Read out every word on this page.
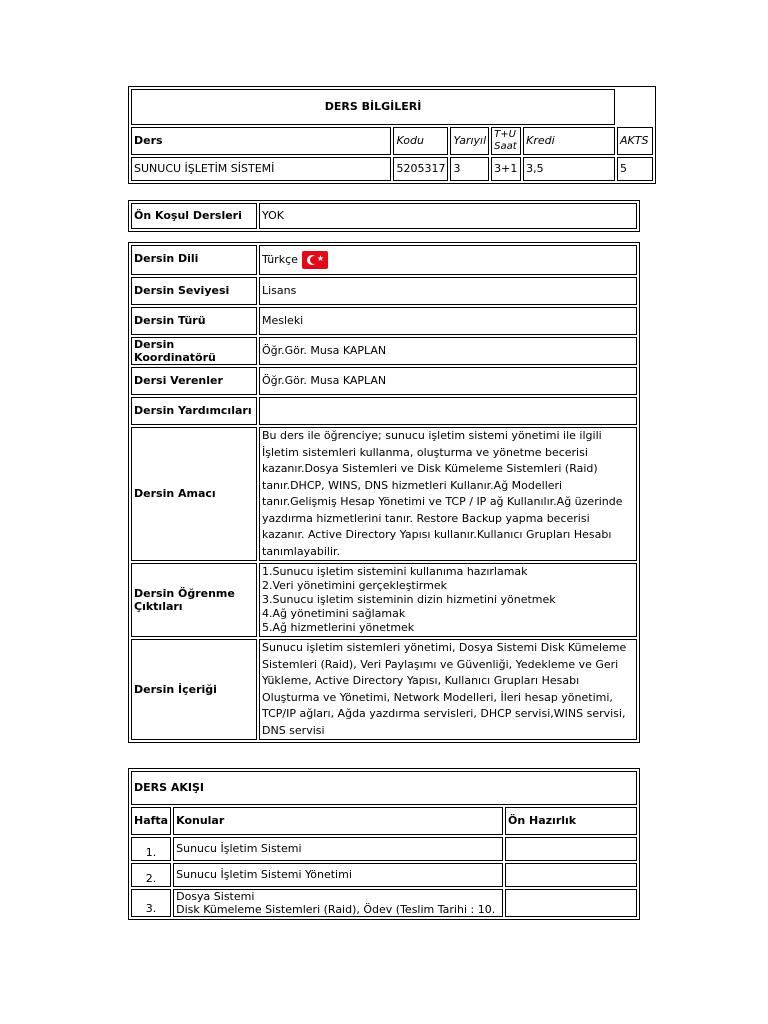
DERS BİLGİLERİ					
Ders	Kodu	Yarıyıl	T+U Saat	Kredi	AKTS
SUNUCU İŞLETİM SİSTEMİ	5205317	3	3+1	3,5	5
Ön Koşul Dersleri	YOK
Dersin Dili	Türkçe ★

Dersin Seviyesi	Lisans
Dersin Türü	Mesleki
Dersin Koordinatörü	Öğr.Gör. Musa KAPLAN
Dersi Verenler	Öğr.Gör. Musa KAPLAN
Dersin Yardımcıları	
Dersin Amacı	Bu ders ile öğrenciye; sunucu işletim sistemi yönetimi ile ilgili İşletim sistemleri kullanma, oluşturma ve yönetme becerisi kazanır.Dosya Sistemleri ve Disk Kümeleme Sistemleri (Raid) tanır.DHCP, WINS, DNS hizmetleri Kullanır.Ağ Modelleri tanır.Gelişmiş Hesap Yönetimi ve TCP / IP ağ Kullanılır.Ağ üzerinde yazdırma hizmetlerini tanır. Restore Backup yapma becerisi kazanır. Active Directory Yapısı kullanır.Kullanıcı Grupları Hesabı tanımlayabilir.
Dersin Öğrenme Çıktıları	1.Sunucu işletim sistemini kullanıma hazırlamak
2.Veri yönetimini gerçekleştirmek
3.Sunucu işletim sisteminin dizin hizmetini yönetmek
4.Ağ yönetimini sağlamak
5.Ağ hizmetlerini yönetmek

Dersin İçeriği	Sunucu işletim sistemleri yönetimi, Dosya Sistemi Disk Kümeleme Sistemleri (Raid), Veri Paylaşımı ve Güvenliği, Yedekleme ve Geri Yükleme, Active Directory Yapısı, Kullanıcı Grupları Hesabı Oluşturma ve Yönetimi, Network Modelleri, İleri hesap yönetimi, TCP/IP ağları, Ağda yazdırma servisleri, DHCP servisi,WINS servisi, DNS servisi
DERS AKIŞI		
Hafta	Konular	Ön Hazırlık
1.	Sunucu İşletim Sistemi	
2.	Sunucu İşletim Sistemi Yönetimi	
3.	Dosya Sistemi
Disk Kümeleme Sistemleri (Raid), Ödev (Teslim Tarihi : 10.	
